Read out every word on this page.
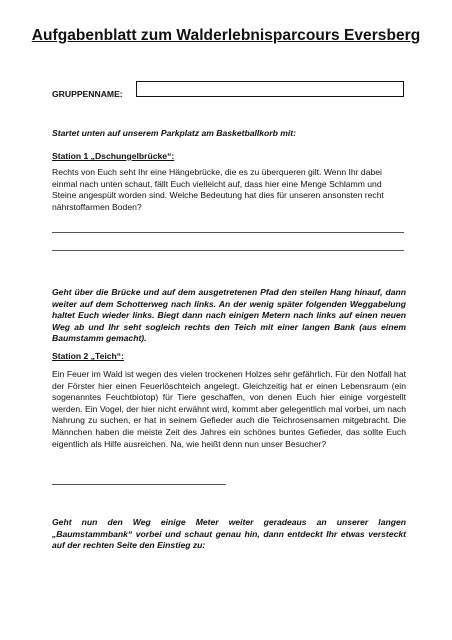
Aufgabenblatt zum Walderlebnisparcours Eversberg
GRUPPENNAME:
Startet unten auf unserem Parkplatz am Basketballkorb mit:
Station 1 „Dschungelbrücke“:
Rechts von Euch seht Ihr eine Hängebrücke, die es zu überqueren gilt. Wenn Ihr dabei einmal nach unten schaut, fällt Euch vielleicht auf, dass hier eine Menge Schlamm und Steine angespült worden sind. Welche Bedeutung hat dies für unseren ansonsten recht nährstoffarmen Boden?
Geht über die Brücke und auf dem ausgetretenen Pfad den steilen Hang hinauf, dann weiter auf dem Schotterweg nach links. An der wenig später folgenden Weggabelung haltet Euch wieder links. Biegt dann nach einigen Metern nach links auf einen neuen Weg ab und Ihr seht sogleich rechts den Teich mit einer langen Bank (aus einem Baumstamm gemacht).
Station 2 „Teich“:
Ein Feuer im Wald ist wegen des vielen trockenen Holzes sehr gefährlich. Für den Notfall hat der Förster hier einen Feuerlöschteich angelegt. Gleichzeitig hat er einen Lebensraum (ein sogenanntes Feuchtbiotop) für Tiere geschaffen, von denen Euch hier einige vorgestellt werden. Ein Vogel, der hier nicht erwähnt wird, kommt aber gelegentlich mal vorbei, um nach Nahrung zu suchen, er hat in seinem Gefieder auch die Teichrosensamen mitgebracht. Die Männchen haben die meiste Zeit des Jahres ein schönes buntes Gefieder, das sollte Euch eigentlich als Hilfe ausreichen. Na, wie heißt denn nun unser Besucher?
Geht nun den Weg einige Meter weiter geradeaus an unserer langen „Baumstammbank“ vorbei und schaut genau hin, dann entdeckt Ihr etwas versteckt auf der rechten Seite den Einstieg zu:
